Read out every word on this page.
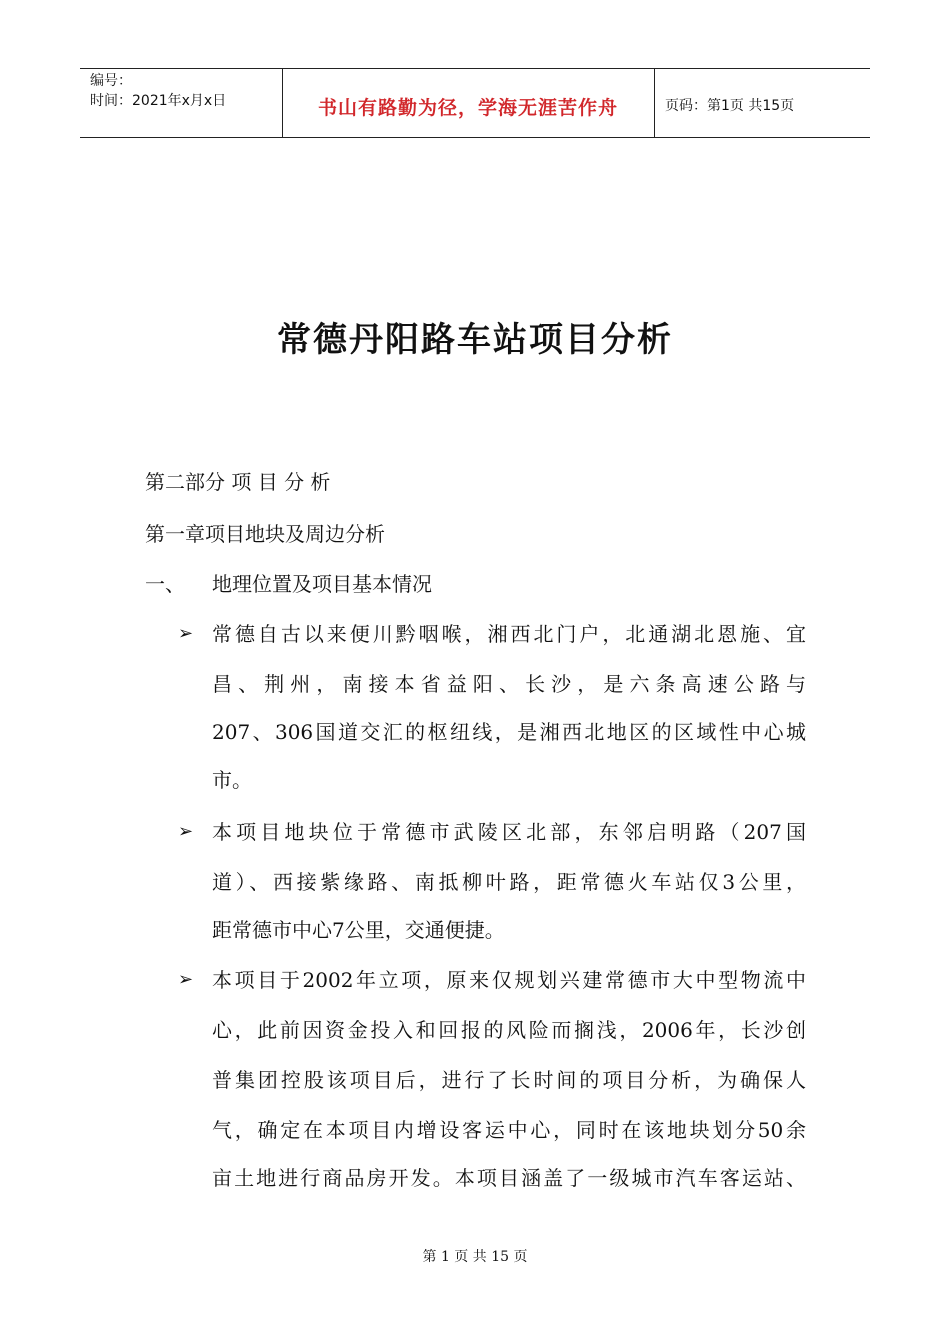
编号：
时间：2021年x月x日	书山有路勤为径，学海无涯苦作舟	页码：第1页 共15页
常德丹阳路车站项目分析
第二部分 项 目 分 析
第一章项目地块及周边分析
一、 地理位置及项目基本情况
➢ 常德自古以来便川黔咽喉，湘西北门户，北通湖北恩施、宜
昌、荆州，南接本省益阳、长沙，是六条高速公路与
207、306国道交汇的枢纽线，是湘西北地区的区域性中心城
市。
➢ 本项目地块位于常德市武陵区北部，东邻启明路（207国
道）、西接紫缘路、南抵柳叶路，距常德火车站仅3公里，
距常德市中心7公里，交通便捷。
➢ 本项目于2002年立项，原来仅规划兴建常德市大中型物流中
心，此前因资金投入和回报的风险而搁浅，2006年，长沙创
普集团控股该项目后，进行了长时间的项目分析，为确保人
气，确定在本项目内增设客运中心，同时在该地块划分50余
亩土地进行商品房开发。本项目涵盖了一级城市汽车客运站、
第 1 页 共 15 页
